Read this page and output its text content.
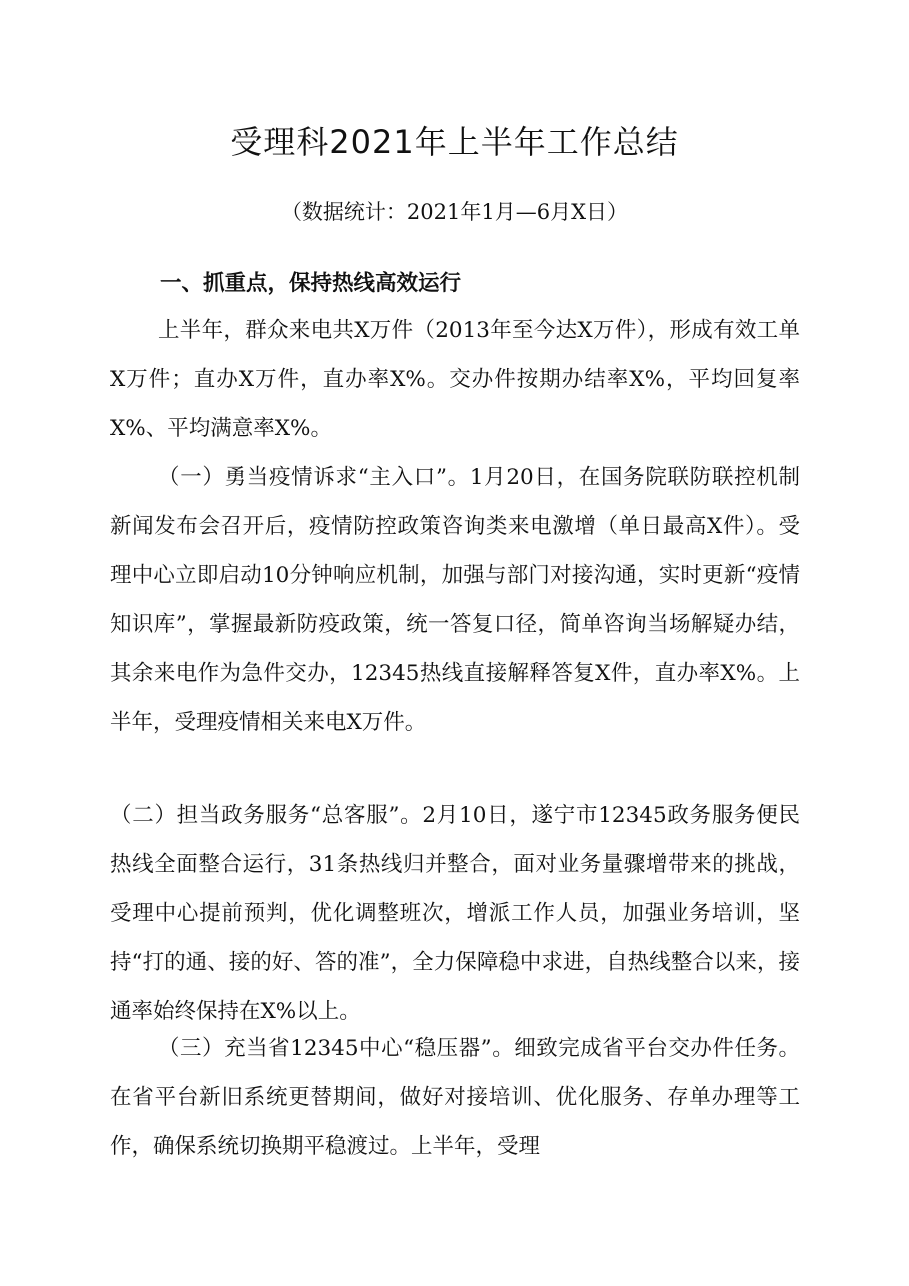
受理科2021年上半年工作总结
（数据统计：2021年1月—6月X日）
一、抓重点，保持热线高效运行

上半年，群众来电共X万件（2013年至今达X万件），形成有效工单X万件；直办X万件，直办率X%。交办件按期办结率X%，平均回复率X%、平均满意率X%。

（一）勇当疫情诉求“主入口”。1月20日，在国务院联防联控机制新闻发布会召开后，疫情防控政策咨询类来电激增（单日最高X件）。受理中心立即启动10分钟响应机制，加强与部门对接沟通，实时更新“疫情知识库”，掌握最新防疫政策，统一答复口径，简单咨询当场解疑办结，其余来电作为急件交办，12345热线直接解释答复X件，直办率X%。上半年，受理疫情相关来电X万件。

（二）担当政务服务“总客服”。2月10日，遂宁市12345政务服务便民热线全面整合运行，31条热线归并整合，面对业务量骤增带来的挑战，受理中心提前预判，优化调整班次，增派工作人员，加强业务培训，坚持“打的通、接的好、答的准”，全力保障稳中求进，自热线整合以来，接通率始终保持在X%以上。

（三）充当省12345中心“稳压器”。细致完成省平台交办件任务。在省平台新旧系统更替期间，做好对接培训、优化服务、存单办理等工作，确保系统切换期平稳渡过。上半年，受理
